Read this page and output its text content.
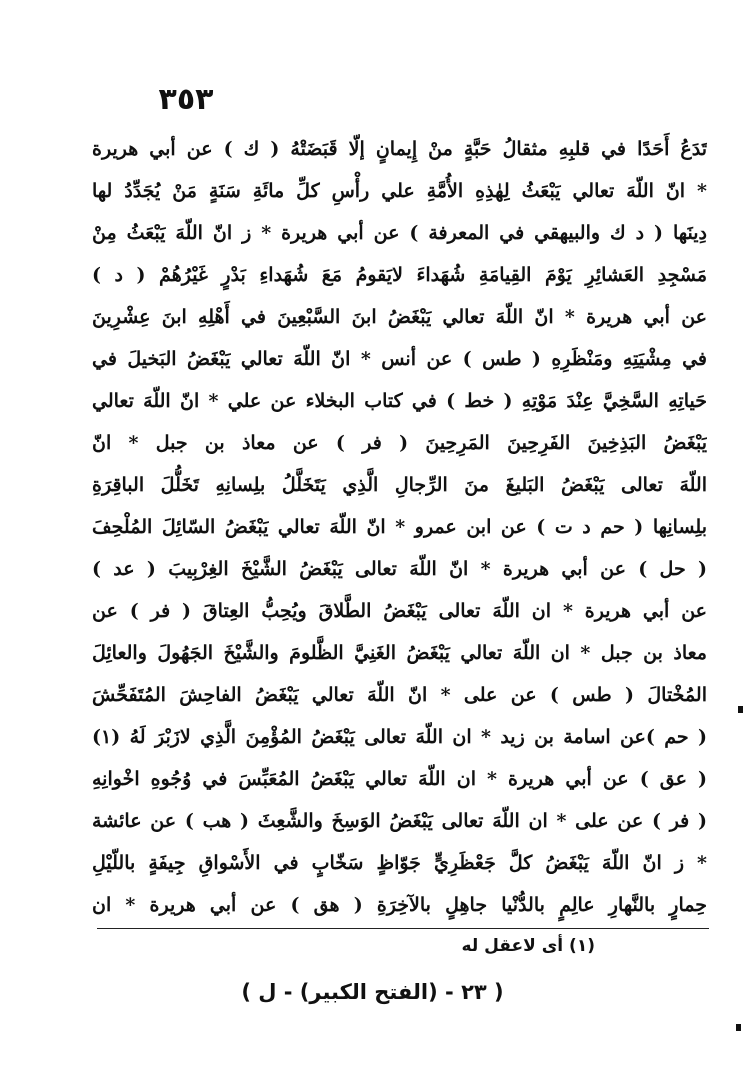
٣٥٣
تَدَعُ أَحَدًا في قلبِهِ مثقالُ حَبَّةٍ منْ إِيمانٍ إلّا قَبَضَتْهُ ( ك ) عن أبي هريرة
* انّ اللّهَ تعالي يَبْعَثُ لِهٰذِهِ الأُمَّةِ علي رأْسِ كلِّ مائَةِ سَنَةٍ مَنْ يُجَدِّدُ لها
دِينَها ( د ك والبيهقي في المعرفة ) عن أبي هريرة * ز انّ اللّهَ يَبْعَثُ مِنْ
مَسْجِدِ العَشائِرِ يَوْمَ القِيامَةِ شُهَداءَ لايَقومُ مَعَ شُهَداءِ بَدْرٍ غَيْرُهُمْ ( د )
عن أبي هريرة * انّ اللّهَ تعالي يَبْغَضُ ابنَ السَّبْعِينَ في أَهْلِهِ ابنَ عِشْرِينَ
في مِشْيَتِهِ ومَنْظَرِهِ ( طس ) عن أنس * انّ اللّهَ تعالي يَبْغَضُ البَخيلَ في
حَياتِهِ السَّخِيَّ عِنْدَ مَوْتِهِ ( خط ) في كتاب البخلاء عن علي * انّ اللّهَ تعالي
يَبْغَضُ البَذِخِينَ الفَرِحِينَ المَرِحِينَ ( فر ) عن معاذ بن جبل * انّ
اللّهَ تعالى يَبْغَضُ البَليغَ منَ الرِّجالِ الَّذِي يَتَخَلَّلُ بلِسانِهِ تَخَلُّلَ الباقِرَةِ
بلِسانِها ( حم د ت ) عن ابن عمرو * انّ اللّهَ تعالي يَبْغَضُ السّائِلَ المُلْحِفَ
( حل ) عن أبي هريرة * انّ اللّهَ تعالى يَبْغَضُ الشَّيْخَ الغِرْبِيبَ ( عد )
عن أبي هريرة * ان اللّهَ تعالى يَبْغَضُ الطَّلاقَ ويُحِبُّ العِتاقَ ( فر ) عن
معاذ بن جبل * ان اللّهَ تعالي يَبْغَضُ الغَنِيَّ الظَّلومَ والشَّيْخَ الجَهُولَ والعائِلَ
المُخْتالَ ( طس ) عن على * انّ اللّهَ تعالي يَبْغَضُ الفاحِشَ المُتَفَحِّشَ
( حم )عن اسامة بن زيد * ان اللّهَ تعالى يَبْغَضُ المُؤْمِنَ الَّذِي لازَبْرَ لَهُ (١)
( عق ) عن أبي هريرة * ان اللّهَ تعالي يَبْغَضُ المُعَبِّسَ في وُجُوهِ اخْوانِهِ
( فر ) عن على * ان اللّهَ تعالى يَبْغَضُ الوَسِخَ والشَّعِثَ ( هب ) عن عائشة
* ز انّ اللّهَ يَبْغَضُ كلَّ جَعْظَرِيٍّ جَوّاظٍ سَخّابٍ في الأَسْواقِ جِيفَةٍ باللّيْلِ
حِمارٍ بالنَّهارِ عالِمٍ بالدُّنْيا جاهِلٍ بالآخِرَةِ ( هق ) عن أبي هريرة * ان
(١) أى لاعقل له
( ٢٣ - (الفتح الكبير) - ل )
